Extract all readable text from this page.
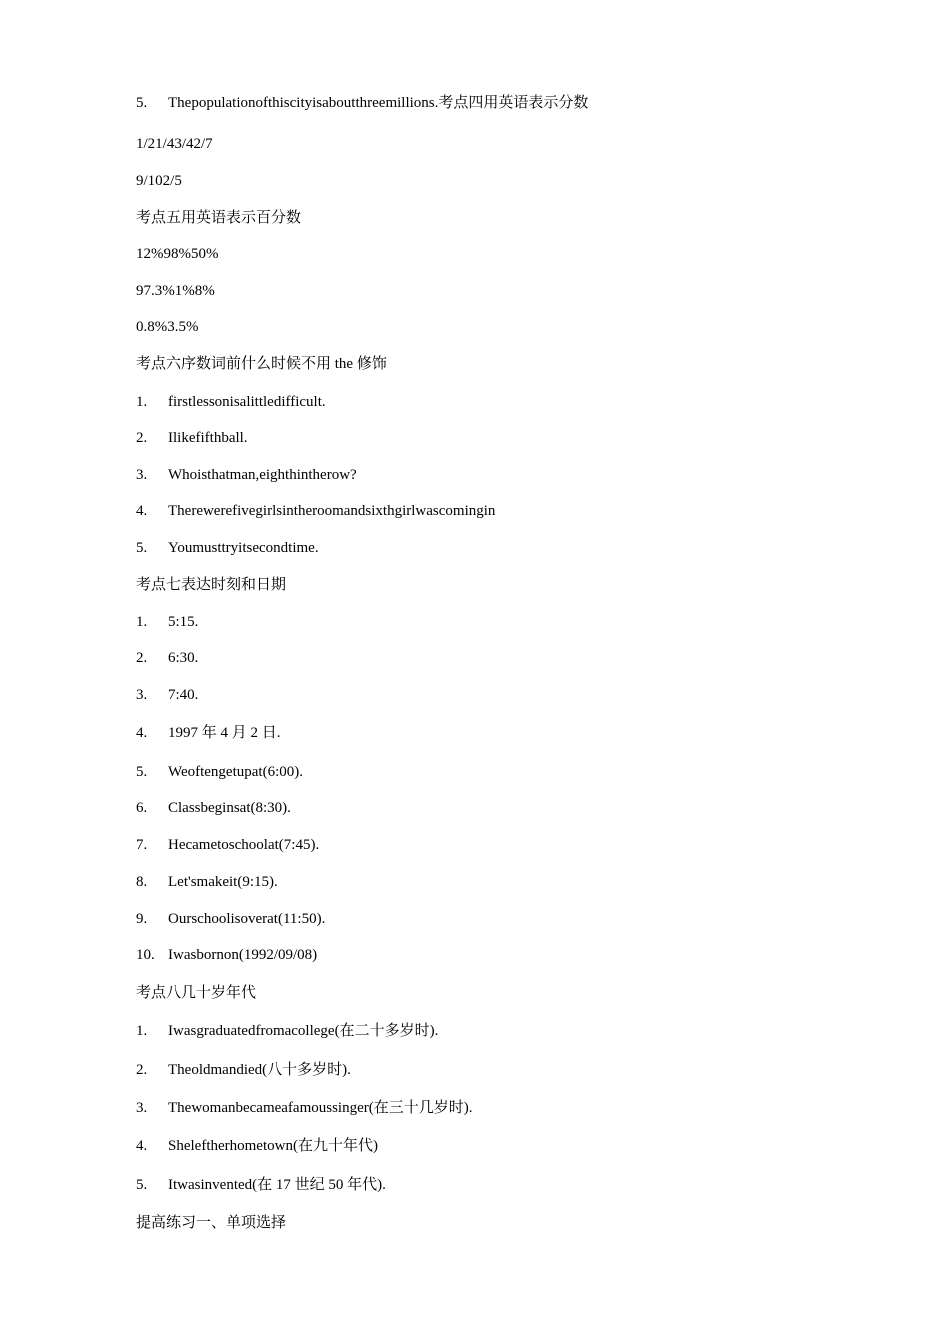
5. Thepopulationofthiscityisaboutthreemillions.考点四用英语表示分数
1/21/43/42/7
9/102/5
考点五用英语表示百分数
12%98%50%
97.3%1%8%
0.8%3.5%
考点六序数词前什么时候不用 the 修饰
1. firstlessonisalittledifficult.
2. Ilikefifthball.
3. Whoisthatman,eighthintherow?
4. Therewerefivegirlsintheroomandsixthgirlwascomingin
5. Youmusttryitsecondtime.
考点七表达时刻和日期
1. 5:15.
2. 6:30.
3. 7:40.
4. 1997 年 4 月 2 日.
5. Weoftengetupat(6:00).
6. Classbeginsat(8:30).
7. Hecametoschoolat(7:45).
8. Let'smakeit(9:15).
9. Ourschoolisoverat(11:50).
10. Iwasbornon(1992/09/08)
考点八几十岁年代
1. Iwasgraduatedfromacollege(在二十多岁时).
2. Theoldmandied(八十多岁时).
3. Thewomanbecameafamoussinger(在三十几岁时).
4. Sheleftherhometown(在九十年代)
5. Itwasinvented(在 17 世纪 50 年代).
提高练习一、单项选择
